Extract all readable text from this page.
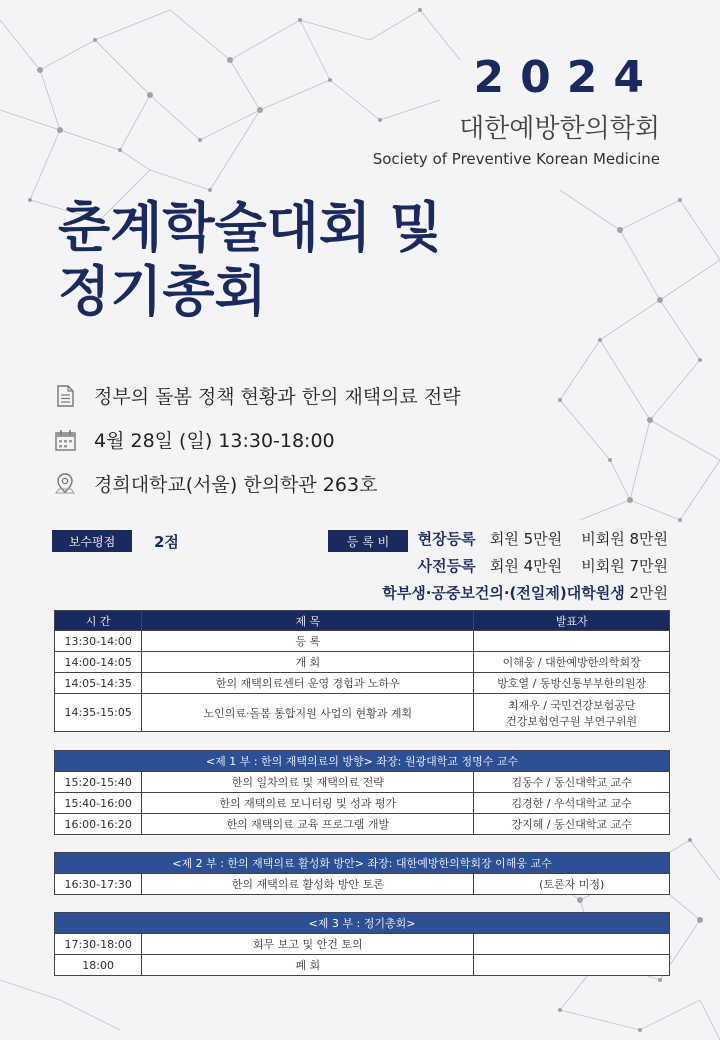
2024
대한예방한의학회
Society of Preventive Korean Medicine
춘계학술대회 및
정기총회
정부의 돌봄 정책 현황과 한의 재택의료 전략
4월 28일 (일) 13:30-18:00
경희대학교(서울) 한의학관 263호
보수평점	2점	등 록 비	현장등록 회원 5만원 비회원 8만원
사전등록 회원 4만원 비회원 7만원
학부생·공중보건의·(전일제)대학원생 2만원
시 간	제 목	발표자
13:30-14:00	등 록	
14:00-14:05	개 회	이해웅 / 대한예방한의학회장
14:05-14:35	한의 재택의료센터 운영 경험과 노하우	방호열 / 동방신통부부한의원장
14:35-15:05	노인의료·돌봄 통합지원 사업의 현황과 계획	최재우 / 국민건강보험공단
건강보험연구원 부연구위원
<제 1 부 : 한의 재택의료의 방향> 좌장: 원광대학교 정명수 교수		
15:20-15:40	한의 일차의료 및 재택의료 전략	김동수 / 동신대학교 교수
15:40-16:00	한의 재택의료 모니터링 및 성과 평가	김경한 / 우석대학교 교수
16:00-16:20	한의 재택의료 교육 프로그램 개발	강지혜 / 동신대학교 교수
<제 2 부 : 한의 재택의료 활성화 방안> 좌장: 대한예방한의학회장 이해웅 교수
16:30-17:30	한의 재택의료 활성화 방안 토론	(토론자 미정)
<제 3 부 : 정기총회>		
17:30-18:00	회무 보고 및 안건 토의	
18:00	폐 회	
